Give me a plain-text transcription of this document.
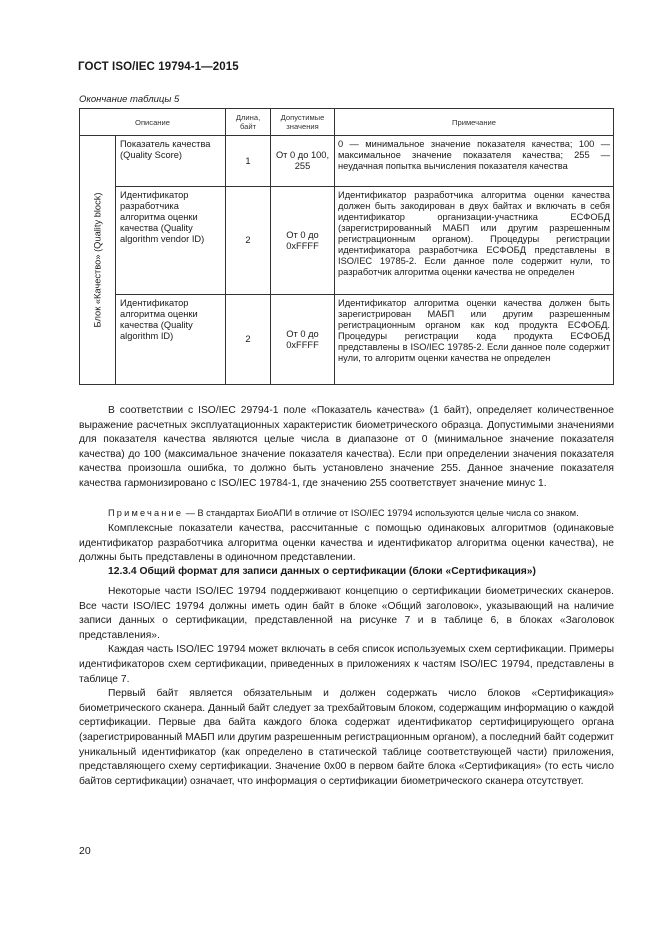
ГОСТ ISO/IEC 19794-1—2015
Окончание таблицы 5
Описание		Длина, байт	Допустимые значения	Примечание

Блок «Качество» (Quality block)	Показатель качества (Quality Score)	1	От 0 до 100, 255	0 — минимальное значение показателя качества; 100 — максимальное значение показателя качества; 255 — неудачная попытка вычисления показателя качества
	Идентификатор разработчика алгоритма оценки качества (Quality algorithm vendor ID)	2	От 0 до 0xFFFF	Идентификатор разработчика алгоритма оценки качества должен быть закодирован в двух байтах и включать в себя идентификатор организации-участника ЕСФОБД (зарегистрированный МАБП или другим разрешенным регистрационным органом). Процедуры регистрации идентификатора разработчика ЕСФОБД представлены в ISO/IEC 19785-2. Если данное поле содержит нули, то разработчик алгоритма оценки качества не определен
	Идентификатор алгоритма оценки качества (Quality algorithm ID)	2	От 0 до 0xFFFF	Идентификатор алгоритма оценки качества должен быть зарегистрирован МАБП или другим разрешенным регистрационным органом как код продукта ЕСФОБД. Процедуры регистрации кода продукта ЕСФОБД представлены в ISO/IEC 19785-2. Если данное поле содержит нули, то алгоритм оценки качества не определен

В соответствии с ISO/IEC 29794-1 поле «Показатель качества» (1 байт), определяет количественное выражение расчетных эксплуатационных характеристик биометрического образца. Допустимыми значениями для показателя качества являются целые числа в диапазоне от 0 (минимальное значение показателя качества) до 100 (максимальное значение показателя качества). Если при определении значения показателя качества произошла ошибка, то должно быть установлено значение 255. Данное значение показателя качества гармонизировано с ISO/IEC 19784-1, где значению 255 соответствует значение минус 1.

Примечание — В стандартах БиоАПИ в отличие от ISO/IEC 19794 используются целые числа со знаком.

Комплексные показатели качества, рассчитанные с помощью одинаковых алгоритмов (одинаковые идентификатор разработчика алгоритма оценки качества и идентификатор алгоритма оценки качества), не должны быть представлены в одиночном представлении.

12.3.4 Общий формат для записи данных о сертификации (блоки «Сертификация»)

Некоторые части ISO/IEC 19794 поддерживают концепцию о сертификации биометрических сканеров. Все части ISO/IEC 19794 должны иметь один байт в блоке «Общий заголовок», указывающий на наличие записи данных о сертификации, представленной на рисунке 7 и в таблице 6, в блоках «Заголовок представления».

Каждая часть ISO/IEC 19794 может включать в себя список используемых схем сертификации. Примеры идентификаторов схем сертификации, приведенных в приложениях к частям ISO/IEC 19794, представлены в таблице 7.

Первый байт является обязательным и должен содержать число блоков «Сертификация» биометрического сканера. Данный байт следует за трехбайтовым блоком, содержащим информацию о каждой сертификации. Первые два байта каждого блока содержат идентификатор сертифицирующего органа (зарегистрированный МАБП или другим разрешенным регистрационным органом), а последний байт содержит уникальный идентификатор (как определено в статической таблице соответствующей части) приложения, представляющего схему сертификации. Значение 0x00 в первом байте блока «Сертификация» (то есть число байтов сертификации) означает, что информация о сертификации биометрического сканера отсутствует.

20
